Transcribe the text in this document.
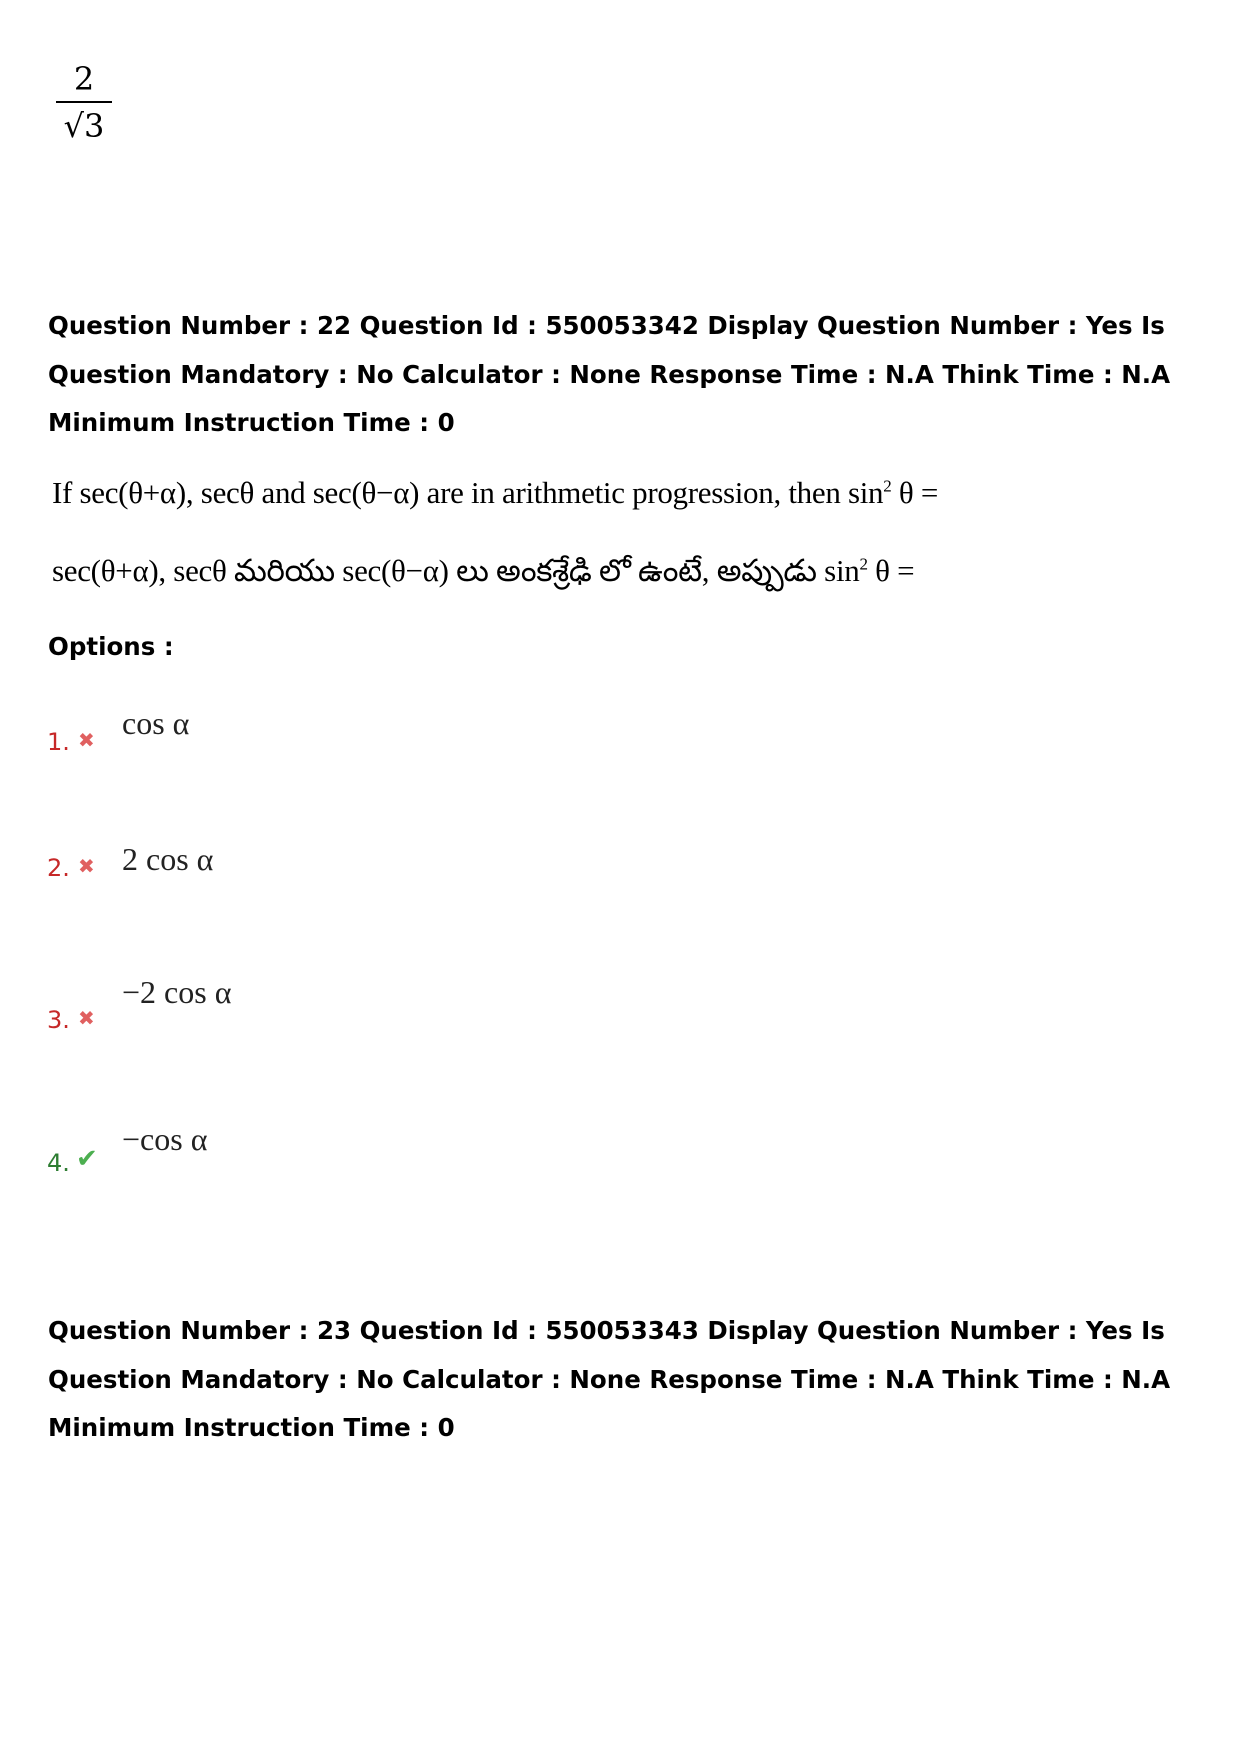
2
√3
Question Number : 22 Question Id : 550053342 Display Question Number : Yes Is Question Mandatory : No Calculator : None Response Time : N.A Think Time : N.A Minimum Instruction Time : 0
If sec(θ+α), secθ and sec(θ−α) are in arithmetic progression, then $\sin^2 \theta$ =
sec(θ+α), secθ మరియు sec(θ−α) లు అంకశ్రేఢి లో ఉంటే, అప్పుడు $\sin^2 \theta$ =
Options :
1. ✖ cos α
2. ✖ 2 cos α
3. ✖
−2 cos α
4. ✔
−cos α
Question Number : 23 Question Id : 550053343 Display Question Number : Yes Is Question Mandatory : No Calculator : None Response Time : N.A Think Time : N.A Minimum Instruction Time : 0
